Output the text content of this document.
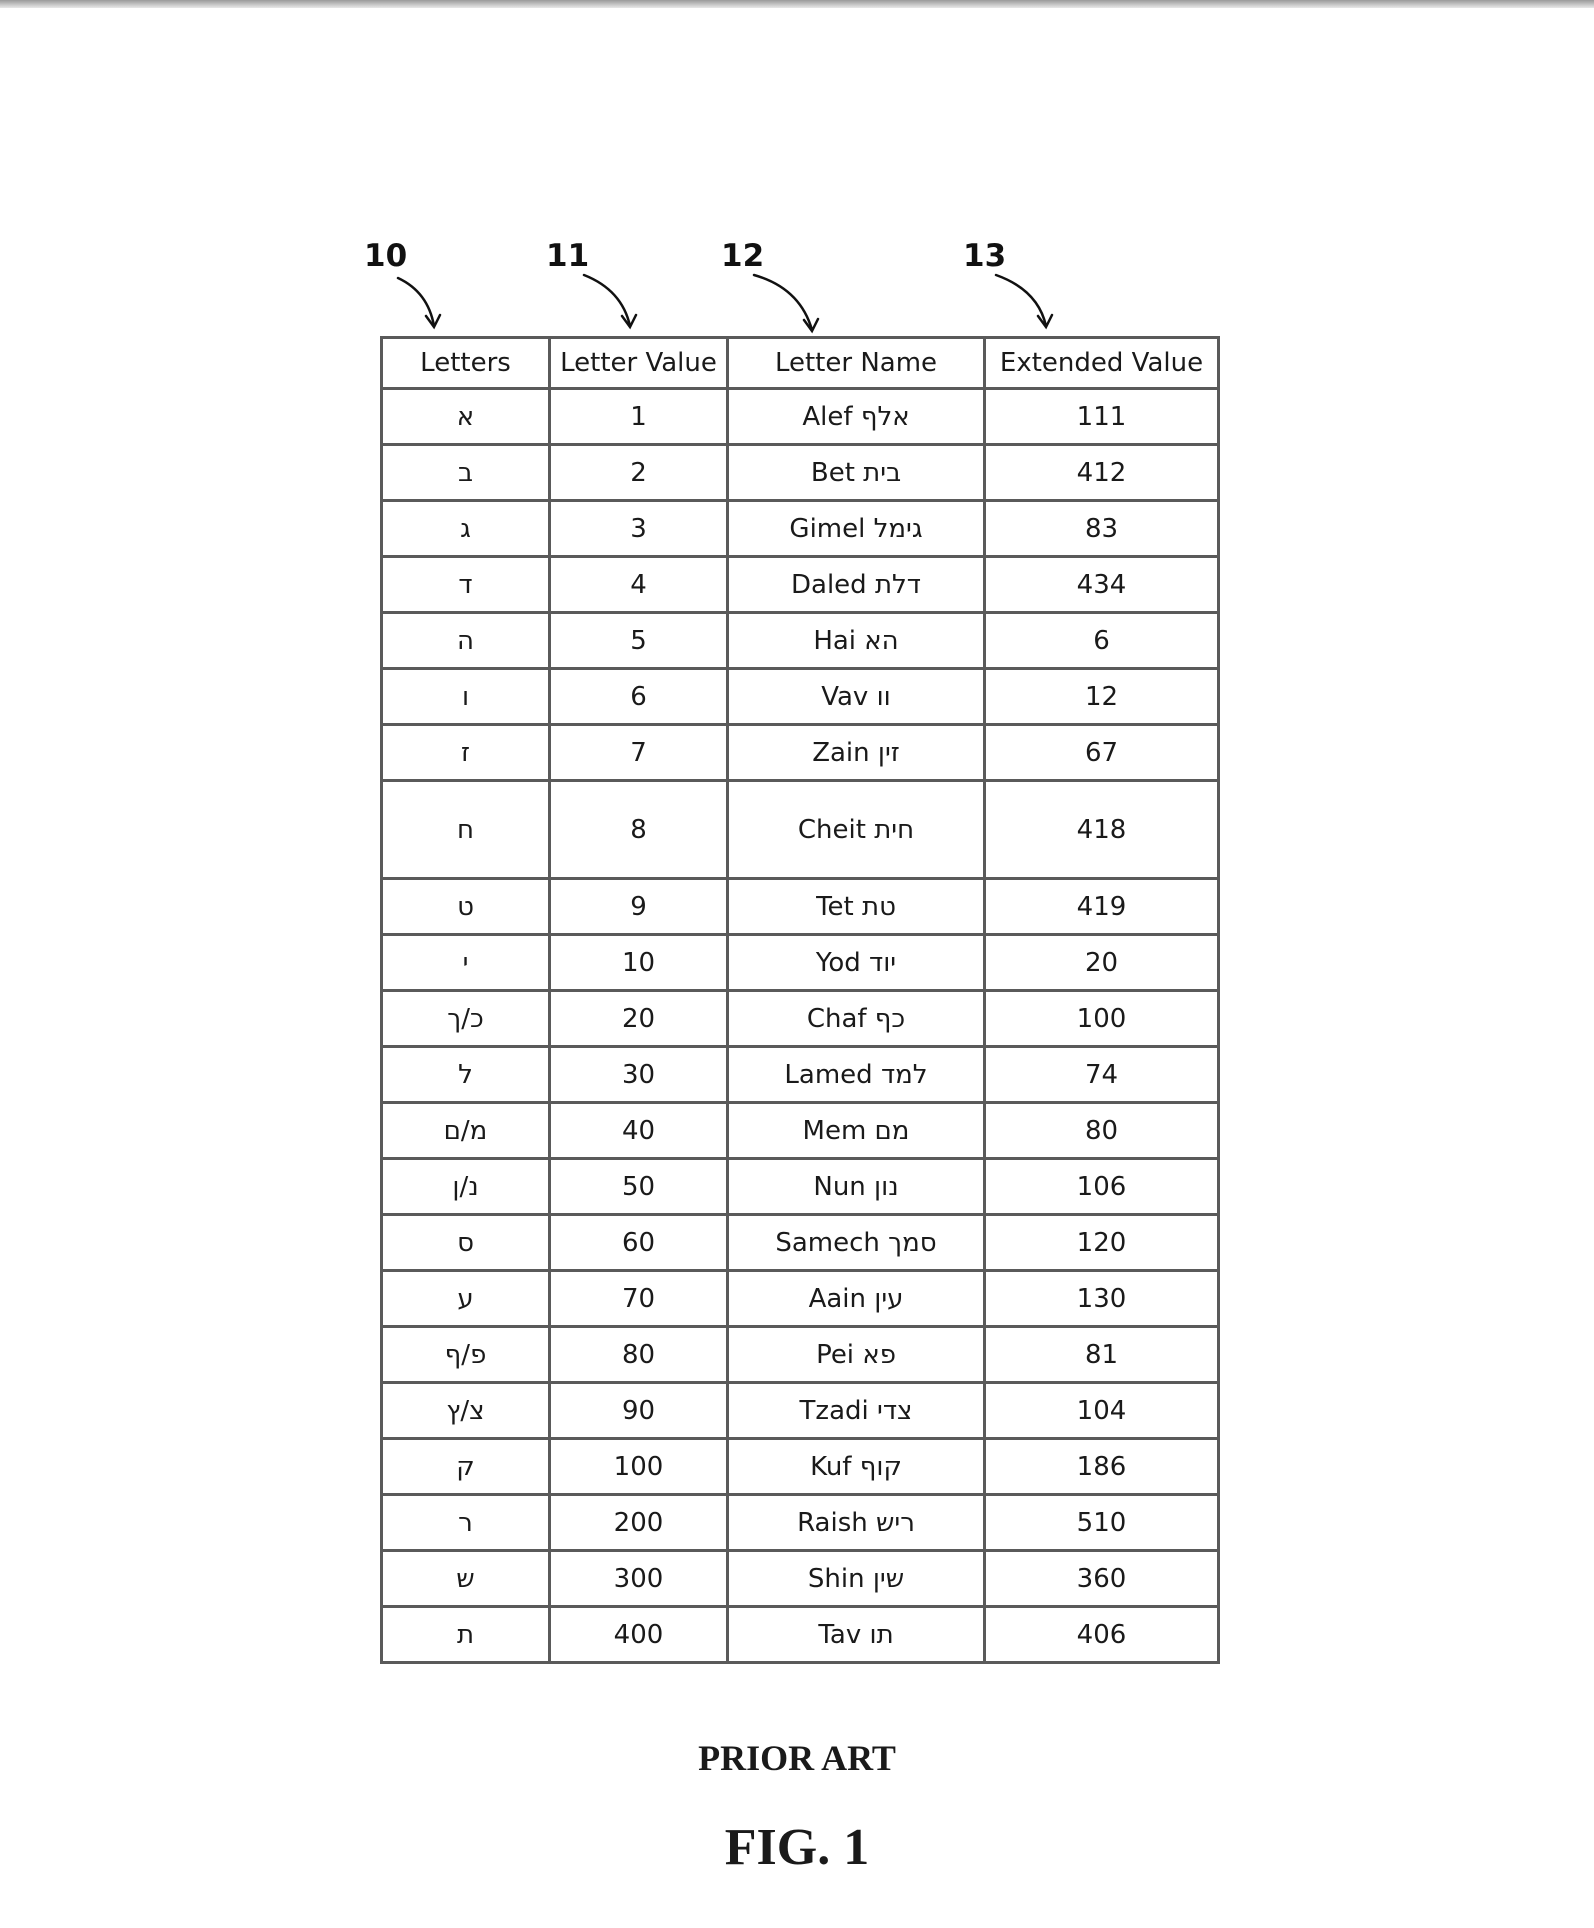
10	11	12	13
Letters	Letter Value	Letter Name	Extended Value
א	1	Alef אלף	111
ב	2	Bet בית	412
ג	3	Gimel גימל	83
ד	4	Daled דלת	434
ה	5	Hai הא	6
ו	6	Vav וו	12
ז	7	Zain זין	67
ח	8	Cheit חית	418
ט	9	Tet טת	419
י	10	Yod יוד	20
כ/ך	20	Chaf כף	100
ל	30	Lamed למד	74
מ/ם	40	Mem מם	80
נ/ן	50	Nun נון	106
ס	60	Samech סמך	120
ע	70	Aain עין	130
פ/ף	80	Pei פא	81
צ/ץ	90	Tzadi צדי	104
ק	100	Kuf קוף	186
ר	200	Raish ריש	510
ש	300	Shin שין	360
ת	400	Tav תו	406
PRIOR ART
FIG. 1
